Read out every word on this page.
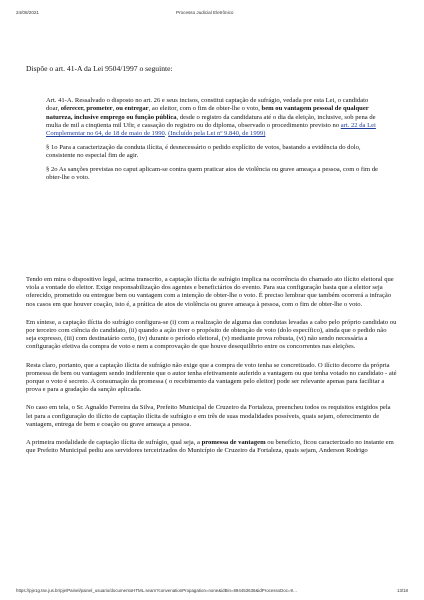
24/08/2021	Processo Judicial Eletrônico
Dispõe o art. 41-A da Lei 9504/1997 o seguinte:

Art. 41-A. Ressalvado o disposto no art. 26 e seus incisos, constitui captação de sufrágio, vedada por esta Lei, o candidato doar, oferecer, prometer, ou entregar, ao eleitor, com o fim de obter-lhe o voto, bem ou vantagem pessoal de qualquer natureza, inclusive emprego ou função pública, desde o registro da candidatura até o dia da eleição, inclusive, sob pena de multa de mil a cinqüenta mil Ufir, e cassação do registro ou do diploma, observado o procedimento previsto no art. 22 da Lei Complementar no 64, de 18 de maio de 1990. (Incluído pela Lei nº 9.840, de 1999)

§ 1o Para a caracterização da conduta ilícita, é desnecessário o pedido explícito de votos, bastando a evidência do dolo, consistente no especial fim de agir.

§ 2o As sanções previstas no caput aplicam-se contra quem praticar atos de violência ou grave ameaça a pessoa, com o fim de obter-lhe o voto.

Tendo em mira o dispositivo legal, acima transcrito, a captação ilícita de sufrágio implica na ocorrência do chamado ato ilícito eleitoral que viola a vontade do eleitor. Exige responsabilização dos agentes e beneficiários do evento. Para sua configuração basta que a eleitor seja oferecido, prometido ou entregue bem ou vantagem com a intenção de obter-lhe o voto. É preciso lembrar que também ocorrerá a infração nos casos em que houver coação, isto é, a prática de atos de violência ou grave ameaça à pessoa, com o fim de obter-lhe o voto.

Em síntese, a captação ilícita do sufrágio configura-se (i) com a realização de alguma das condutas levadas a cabo pelo próprio candidato ou por terceiro com ciência do candidato, (ii) quando a ação tiver o propósito de obtenção de voto (dolo específico), ainda que o pedido não seja expresso, (iii) com destinatário certo, (iv) durante o período eleitoral, (v) mediante prova robusta, (vi) não sendo necessária a configuração efetiva da compra de voto e nem a comprovação de que houve desequilíbrio entre os concorrentes nas eleições.

Resta claro, portanto, que a captação ilícita de sufrágio não exige que a compra de voto tenha se concretizado. O ilícito decorre da própria promessa de bem ou vantagem sendo indiferente que o autor tenha efetivamente auferido a vantagem ou que tenha votado no candidato - até porque o voto é secreto. A consumação da promessa ( o recebimento da vantagem pelo eleitor) pode ser relevante apenas para facilitar a prova e para a gradação da sanção aplicada.

No caso em tela, o Sr. Agnaldo Ferreira da Silva, Prefeito Municipal de Cruzeiro da Fortaleza, preencheu todos os requisitos exigidos pela lei para a configuração do ilícito de captação ilícita de sufrágio e em três de suas modalidades possíveis, quais sejam, oferecimento de vantagem, entrega de bem e coação ou grave ameaça a pessoa.

A primeira modalidade de captação ilícita de sufrágio, qual seja, a promessa de vantagem ou benefício, ficou caracterizado no instante em que Prefeito Municipal pediu aos servidores terceirizados do Município de Cruzeiro da Fortaleza, quais sejam, Anderson Rodrigo

https://pje1g.tse.jus.br/pje/Painel/painel_usuario/documentoHTML.seam?convenationPropagation=none&idBin=894453636&idProcessoDoc=9…	13/18
